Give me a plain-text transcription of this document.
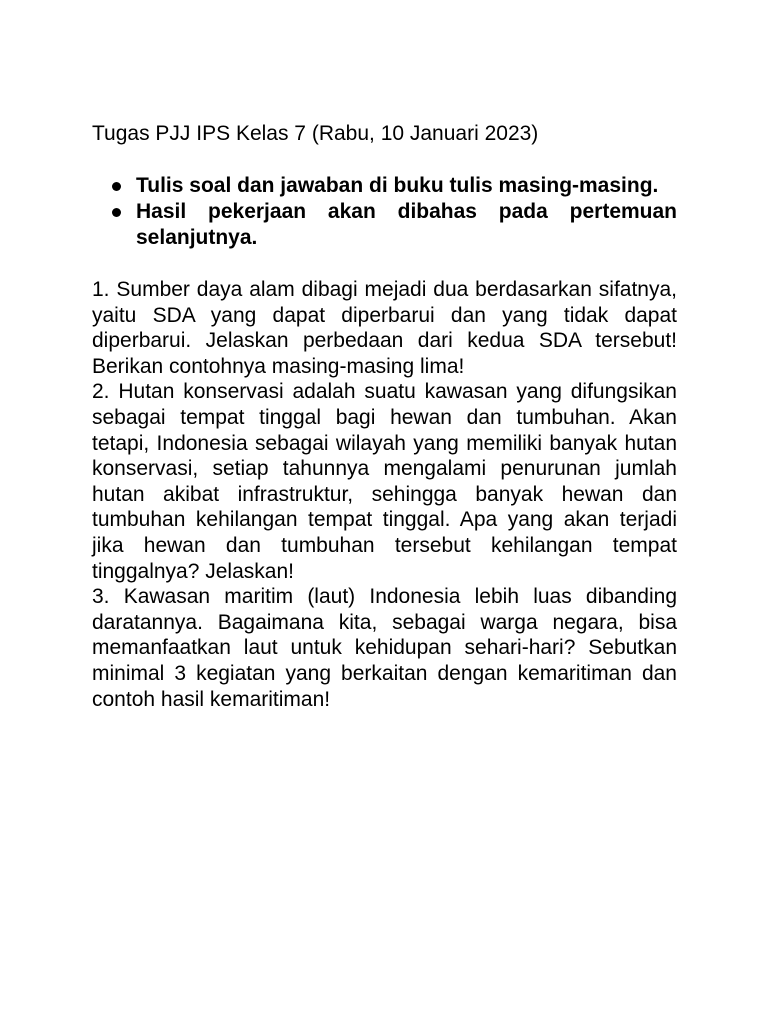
Tugas PJJ IPS Kelas 7 (Rabu, 10 Januari 2023)

Tulis soal dan jawaban di buku tulis masing-masing.
Hasil pekerjaan akan dibahas pada pertemuan selanjutnya.

1. Sumber daya alam dibagi mejadi dua berdasarkan sifatnya, yaitu SDA yang dapat diperbarui dan yang tidak dapat diperbarui. Jelaskan perbedaan dari kedua SDA tersebut! Berikan contohnya masing-masing lima!

2. Hutan konservasi adalah suatu kawasan yang difungsikan sebagai tempat tinggal bagi hewan dan tumbuhan. Akan tetapi, Indonesia sebagai wilayah yang memiliki banyak hutan konservasi, setiap tahunnya mengalami penurunan jumlah hutan akibat infrastruktur, sehingga banyak hewan dan tumbuhan kehilangan tempat tinggal. Apa yang akan terjadi jika hewan dan tumbuhan tersebut kehilangan tempat tinggalnya? Jelaskan!

3. Kawasan maritim (laut) Indonesia lebih luas dibanding daratannya. Bagaimana kita, sebagai warga negara, bisa memanfaatkan laut untuk kehidupan sehari-hari? Sebutkan minimal 3 kegiatan yang berkaitan dengan kemaritiman dan contoh hasil kemaritiman!
